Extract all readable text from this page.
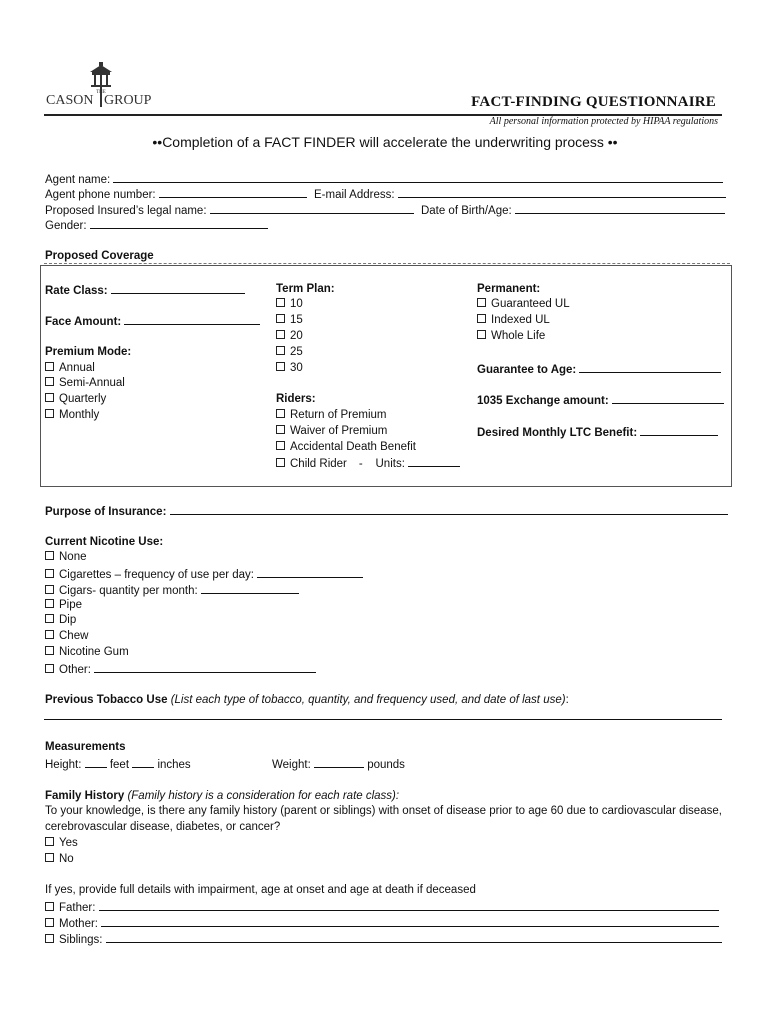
THE
CASON GROUP	FACT-FINDING QUESTIONNAIRE
All personal information protected by HIPAA regulations
••Completion of a FACT FINDER will accelerate the underwriting process ••
Agent name:
Agent phone number:	E-mail Address:
Proposed Insured’s legal name:	Date of Birth/Age:
Gender:
Proposed Coverage
Rate Class:
Face Amount:
Premium Mode:
Annual
Semi-Annual
Quarterly
Monthly
Term Plan:
10
15
20
25
30
Riders:
Return of Premium
Waiver of Premium
Accidental Death Benefit
Child Rider -    Units:
Permanent:
Guaranteed UL
Indexed UL
Whole Life
Guarantee to Age:
1035 Exchange amount:
Desired Monthly LTC Benefit:
Purpose of Insurance:
Current Nicotine Use:
None
Cigarettes – frequency of use per day:
Cigars- quantity per month:
Pipe
Dip
Chew
Nicotine Gum
Other:
Previous Tobacco Use (List each type of tobacco, quantity, and frequency used, and date of last use):
Measurements
Height: feet inches	Weight:	pounds
Family History (Family history is a consideration for each rate class):
To your knowledge, is there any family history (parent or siblings) with onset of disease prior to age 60 due to cardiovascular disease,
cerebrovascular disease, diabetes, or cancer?
Yes
No
If yes, provide full details with impairment, age at onset and age at death if deceased
Father:
Mother:
Siblings:
